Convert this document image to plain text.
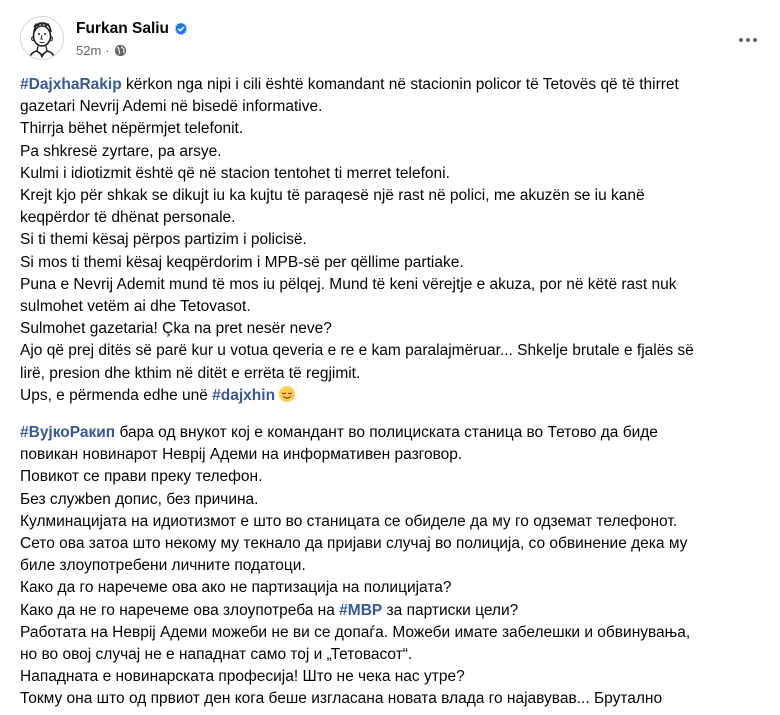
Furkan Saliu
52m ·
#DajxhaRakip kërkon nga nipi i cili është komandant në stacionin policor të Tetovës që të thirret
gazetari Nevrij Ademi në bisedë informative.
Thirrja bëhet nëpërmjet telefonit.
Pa shkresë zyrtare, pa arsye.
Kulmi i idiotizmit është që në stacion tentohet ti merret telefoni.
Krejt kjo për shkak se dikujt iu ka kujtu të paraqesë një rast në polici, me akuzën se iu kanë
keqpërdor të dhënat personale.
Si ti themi kësaj përpos partizim i policisë.
Si mos ti themi kësaj keqpërdorim i MPB-së per qëllime partiake.
Puna e Nevrij Ademit mund të mos iu pëlqej. Mund të keni vërejtje e akuza, por në këtë rast nuk
sulmohet vetëm ai dhe Tetovasot.
Sulmohet gazetaria! Çka na pret nesër neve?
Ajo që prej ditës së parë kur u votua qeveria e re e kam paralajmëruar... Shkelje brutale e fjalës së
lirë, presion dhe kthim në ditët e errëta të regjimit.
Ups, e përmenda edhe unë #dajxhin
#ВујкоРакип бара од внукот кој е командант во полициската станица во Тетово да биде
повикан новинарот Неврij Адеми на информативен разговор.
Повикот се прави преку телефон.
Без служben допис, без причина.
Кулминацијата на идиотизмот е што во станицата се обиделе да му го одземат телефонот.
Сето ова затоа што некому му текнало да пријави случај во полиција, со обвинение дека му
биле злоупотребени личните податоци.
Како да го наречеме ова ако не партизација на полицијата?
Како да не го наречеме ова злоупотреба на #МВР за партиски цели?
Работата на Неврij Адеми можеби не ви се допаѓа. Можеби имате забелешки и обвинувања,
но во овој случај не е нападнат само тој и „Тетовасот“.
Нападната е новинарската професија! Што не чека нас утре?
Токму она што од првиот ден кога беше изгласана новата влада го најавував... Брутално
